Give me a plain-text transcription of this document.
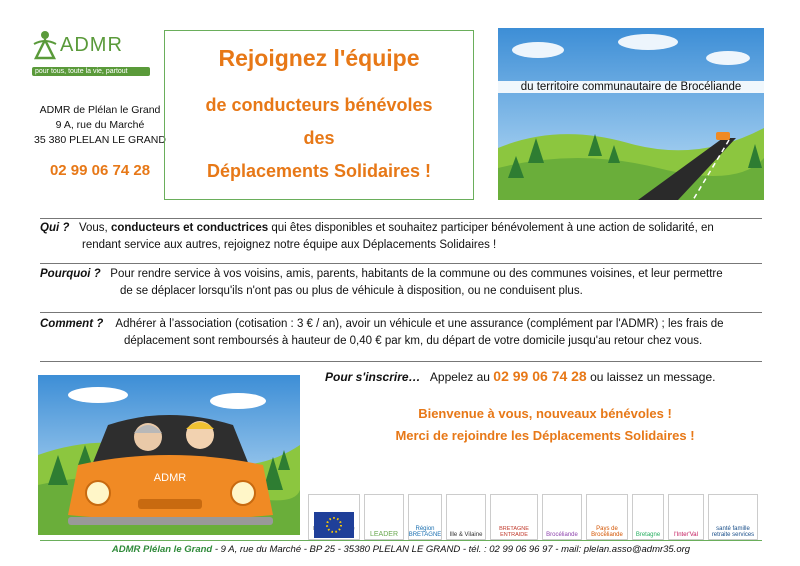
ADMR
pour tous, toute la vie, partout
ADMR de Plélan le Grand
9 A, rue du Marché
35 380 PLELAN LE GRAND
02 99 06 74 28
Rejoignez l'équipe
de conducteurs bénévoles
des
Déplacements Solidaires !
du territoire communautaire de Brocéliande
Qui ? Vous, conducteurs et conductrices qui êtes disponibles et souhaitez participer bénévolement à une action de solidarité, en
rendant service aux autres, rejoignez notre équipe aux Déplacements Solidaires !
Pourquoi ? Pour rendre service à vos voisins, amis, parents, habitants de la commune ou des communes voisines, et leur permettre
de se déplacer lorsqu'ils n'ont pas ou plus de véhicule à disposition, ou ne conduisent plus.
Comment ? Adhérer à l’association (cotisation : 3 € / an), avoir un véhicule et une assurance (complément par l'ADMR) ; les frais de
déplacement sont remboursés à hauteur de 0,40 € par km, du départ de votre domicile jusqu'au retour chez vous.
Pour s'inscrire… Appelez au 02 99 06 74 28 ou laissez un message.
Bienvenue à vous, nouveaux bénévoles !
Merci de rejoindre les Déplacements Solidaires !
ADMR
LEADER
Région BRETAGNE Ille & Vilaine
BRETAGNE ENTRAIDE	Brocéliande
Pays de Brocéliande	Bretagne l'Inter'Val
santé famille retraite services
ADMR Plélan le Grand - 9 A, rue du Marché - BP 25 - 35380 PLELAN LE GRAND - tél. : 02 99 06 96 97 - mail: plelan.asso@admr35.org
